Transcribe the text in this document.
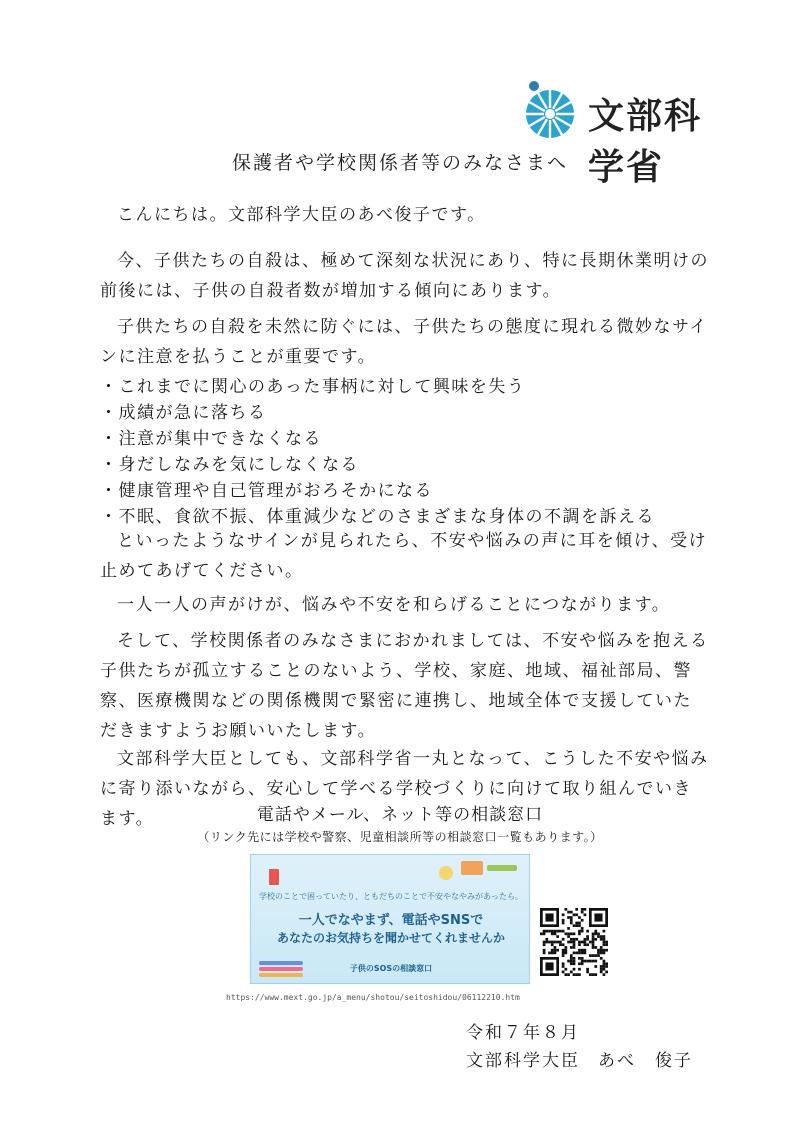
文部科学省
保護者や学校関係者等のみなさまへ
こんにちは。文部科学大臣のあべ俊子です。
今、子供たちの自殺は、極めて深刻な状況にあり、特に長期休業明けの前後には、子供の自殺者数が増加する傾向にあります。
子供たちの自殺を未然に防ぐには、子供たちの態度に現れる微妙なサインに注意を払うことが重要です。
・これまでに関心のあった事柄に対して興味を失う
・成績が急に落ちる
・注意が集中できなくなる
・身だしなみを気にしなくなる
・健康管理や自己管理がおろそかになる
・不眠、食欲不振、体重減少などのさまざまな身体の不調を訴える
といったようなサインが見られたら、不安や悩みの声に耳を傾け、受け止めてあげてください。
一人一人の声がけが、悩みや不安を和らげることにつながります。
そして、学校関係者のみなさまにおかれましては、不安や悩みを抱える子供たちが孤立することのないよう、学校、家庭、地域、福祉部局、警察、医療機関などの関係機関で緊密に連携し、地域全体で支援していただきますようお願いいたします。
文部科学大臣としても、文部科学省一丸となって、こうした不安や悩みに寄り添いながら、安心して学べる学校づくりに向けて取り組んでいきます。	電話やメール、ネット等の相談窓口
（リンク先には学校や警察、児童相談所等の相談窓口一覧もあります。）
学校のことで困っていたり、ともだちのことで不安やなやみがあったら。
一人でなやまず、電話やSNSで
あなたのお気持ちを聞かせてくれませんか
子供のSOSの相談窓口
https://www.mext.go.jp/a_menu/shotou/seitoshidou/06112210.htm
令和７年８月
文部科学大臣 あべ　俊子
